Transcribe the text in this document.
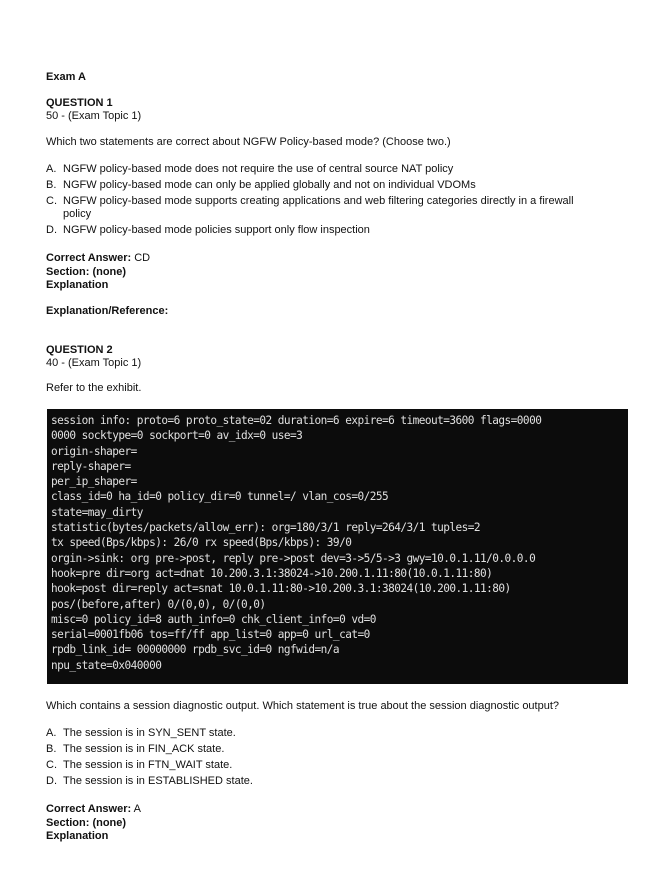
Exam A
QUESTION 1
50 - (Exam Topic 1)
Which two statements are correct about NGFW Policy-based mode? (Choose two.)
A. NGFW policy-based mode does not require the use of central source NAT policy
B. NGFW policy-based mode can only be applied globally and not on individual VDOMs
C. NGFW policy-based mode supports creating applications and web filtering categories directly in a firewall policy
D. NGFW policy-based mode policies support only flow inspection
Correct Answer: CD
Section: (none)
Explanation
Explanation/Reference:
QUESTION 2
40 - (Exam Topic 1)
Refer to the exhibit.
session info: proto=6 proto_state=02 duration=6 expire=6 timeout=3600 flags=0000
0000 socktype=0 sockport=0 av_idx=0 use=3
origin-shaper=
reply-shaper=
per_ip_shaper=
class_id=0 ha_id=0 policy_dir=0 tunnel=/ vlan_cos=0/255
state=may_dirty
statistic(bytes/packets/allow_err): org=180/3/1 reply=264/3/1 tuples=2
tx speed(Bps/kbps): 26/0 rx speed(Bps/kbps): 39/0
orgin->sink: org pre->post, reply pre->post dev=3->5/5->3 gwy=10.0.1.11/0.0.0.0
hook=pre dir=org act=dnat 10.200.3.1:38024->10.200.1.11:80(10.0.1.11:80)
hook=post dir=reply act=snat 10.0.1.11:80->10.200.3.1:38024(10.200.1.11:80)
pos/(before,after) 0/(0,0), 0/(0,0)
misc=0 policy_id=8 auth_info=0 chk_client_info=0 vd=0
serial=0001fb06 tos=ff/ff app_list=0 app=0 url_cat=0
rpdb_link_id= 00000000 rpdb_svc_id=0 ngfwid=n/a
npu_state=0x040000
Which contains a session diagnostic output. Which statement is true about the session diagnostic output?
A. The session is in SYN_SENT state.
B. The session is in FIN_ACK state.
C. The session is in FTN_WAIT state.
D. The session is in ESTABLISHED state.
Correct Answer: A
Section: (none)
Explanation
